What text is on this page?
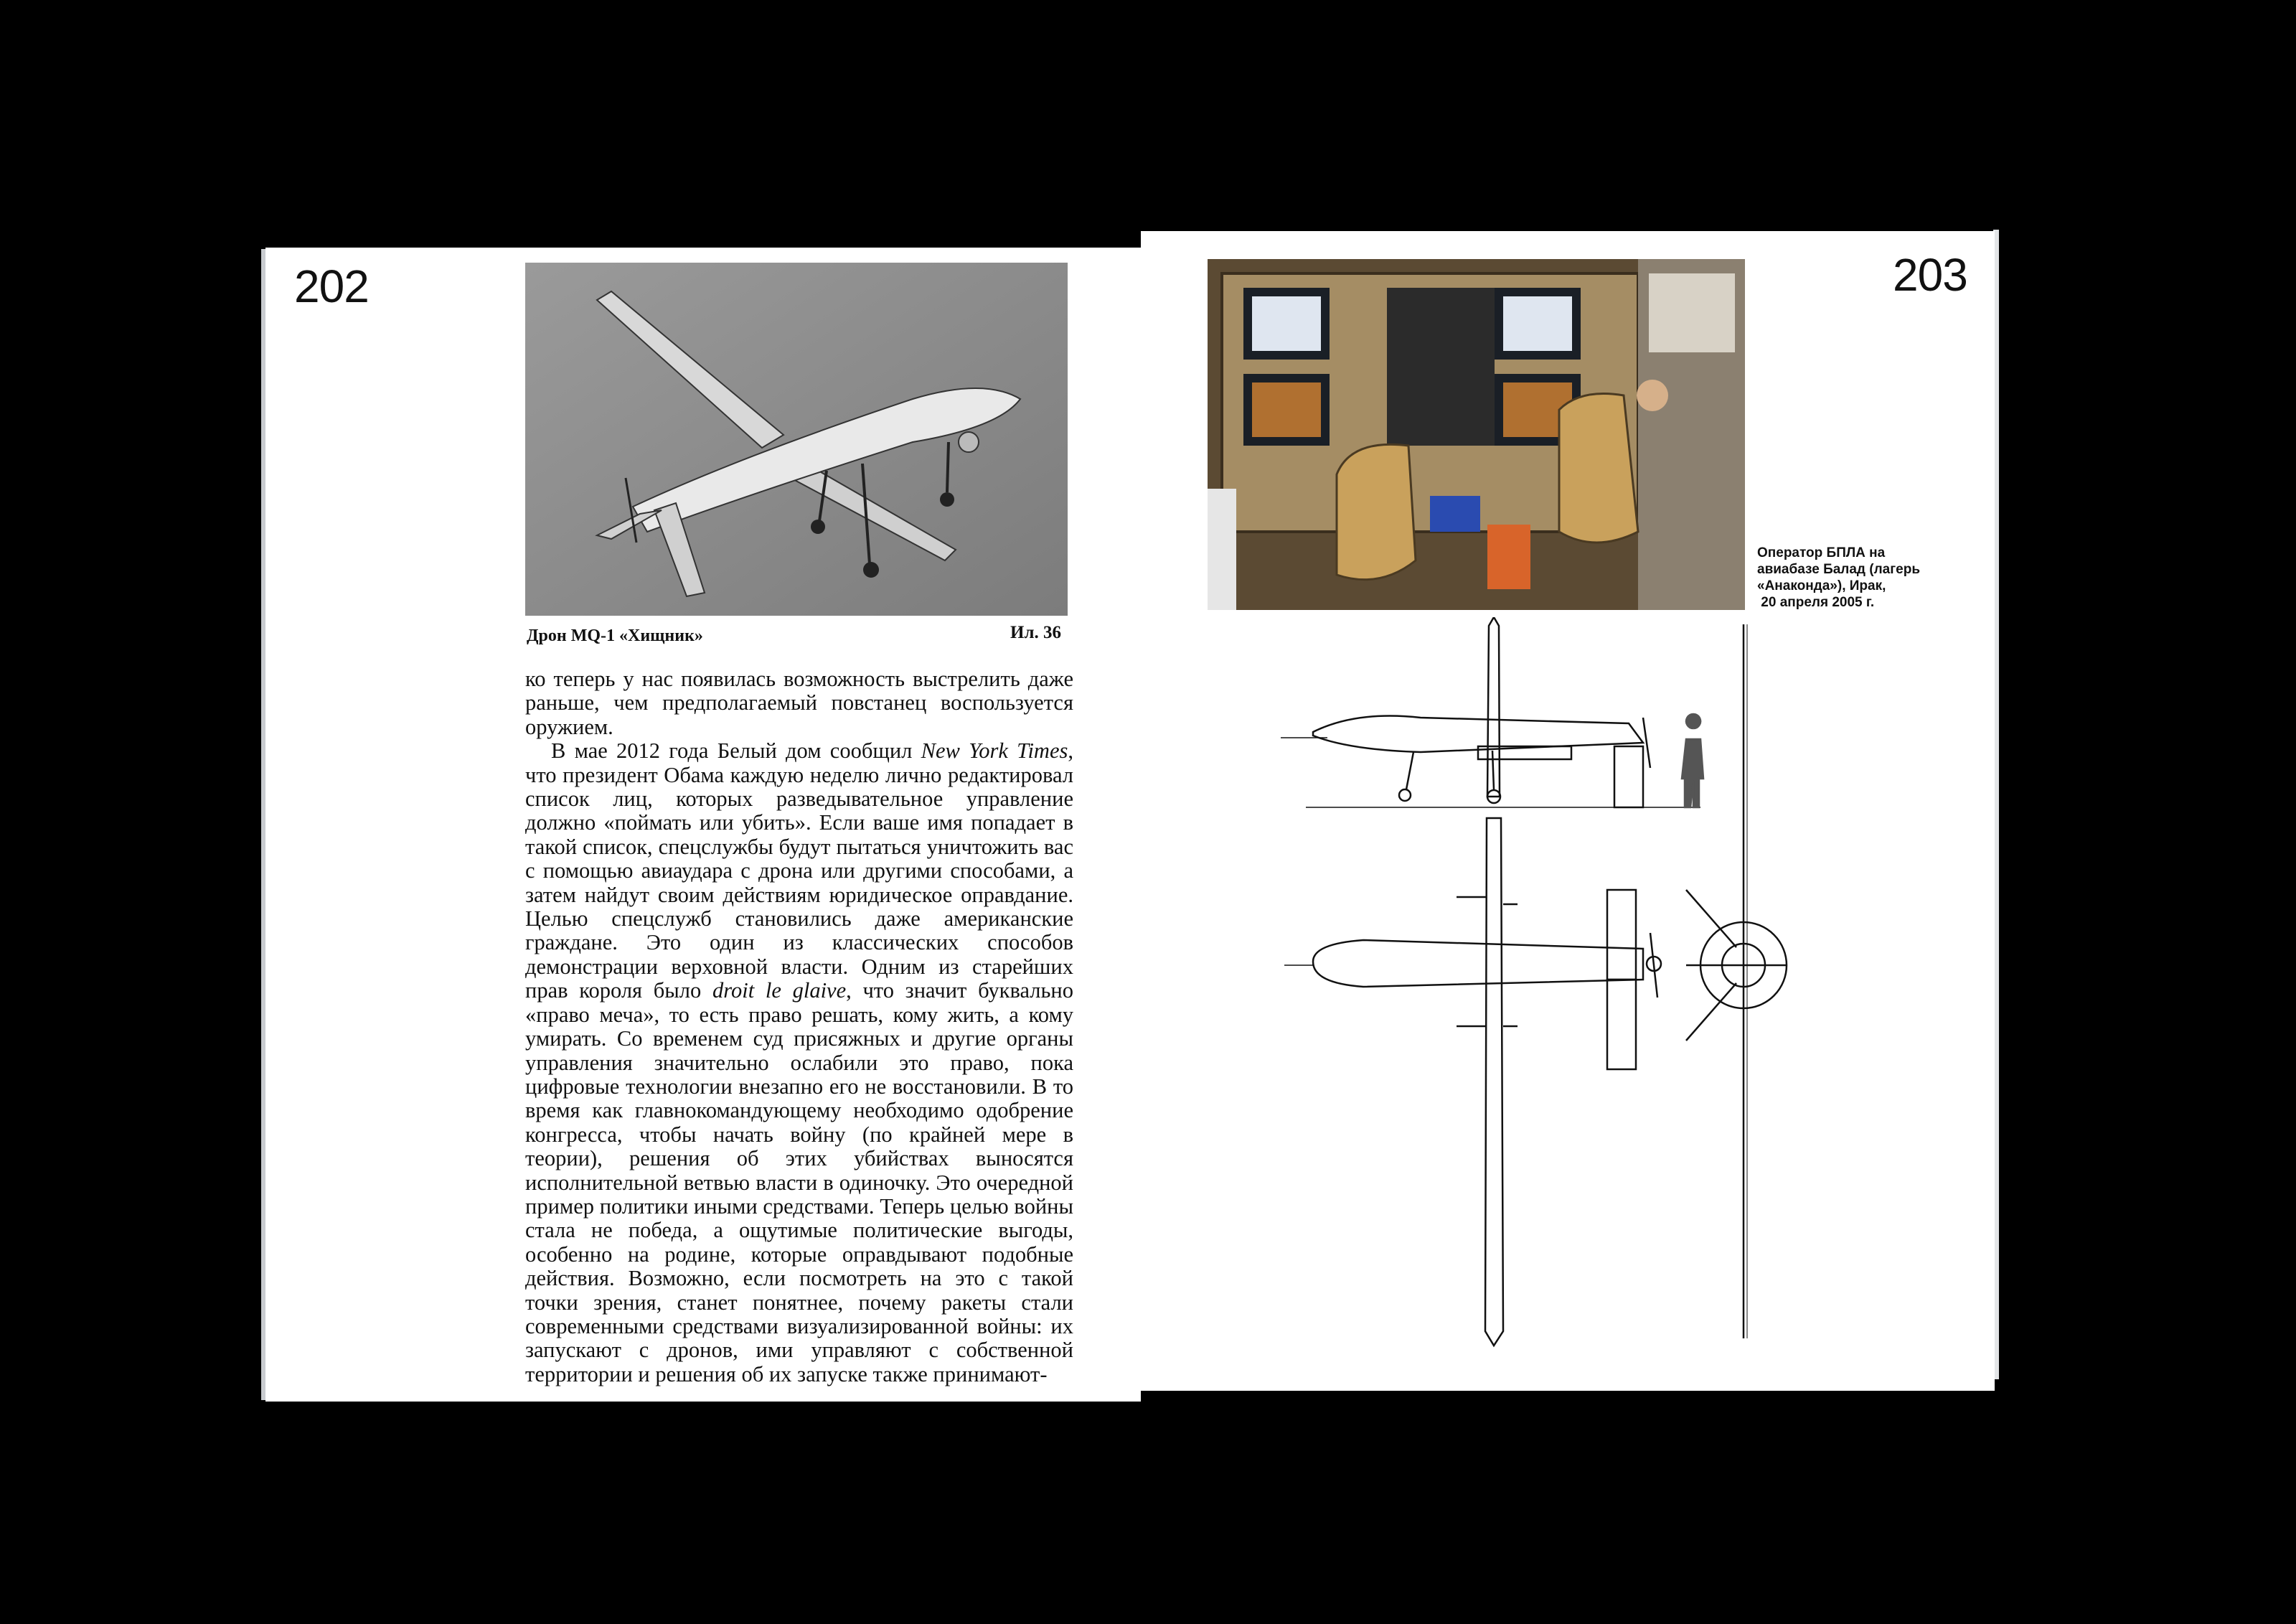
202
Дрон MQ-1 «Хищник»	Ил. 36

ко теперь у нас появилась возможность выстрелить даже раньше, чем предполагаемый повстанец воспользуется оружием.

В мае 2012 года Белый дом сообщил New York Times, что президент Обама каждую неделю лично редактировал список лиц, которых разведывательное управление должно «поймать или убить». Если ваше имя попадает в такой список, спецслужбы будут пытаться уничтожить вас с помощью авиаудара с дрона или другими способами, а затем найдут своим действиям юридическое оправдание. Целью спецслужб становились даже американские граждане. Это один из классических способов демонстрации верховной власти. Одним из старейших прав короля было droit le glaive, что значит буквально «право меча», то есть право решать, кому жить, а кому умирать. Со временем суд присяжных и другие органы управления значительно ослабили это право, пока цифровые технологии внезапно его не восстановили. В то время как главнокомандующему необходимо одобрение конгресса, чтобы начать войну (по крайней мере в теории), решения об этих убийствах выносятся исполнительной ветвью власти в одиночку. Это очередной пример политики иными средствами. Теперь целью войны стала не победа, а ощутимые политические выгоды, особенно на родине, которые оправдывают подобные действия. Возможно, если посмотреть на это с такой точки зрения, станет понятнее, почему ракеты стали современными средствами визуализированной войны: их запускают с дронов, ими управляют с собственной территории и решения об их запуске также принимают-

203
Оператор БПЛА на
авиабазе Балад (лагерь
«Анаконда»), Ирак,
20 апреля 2005 г.
